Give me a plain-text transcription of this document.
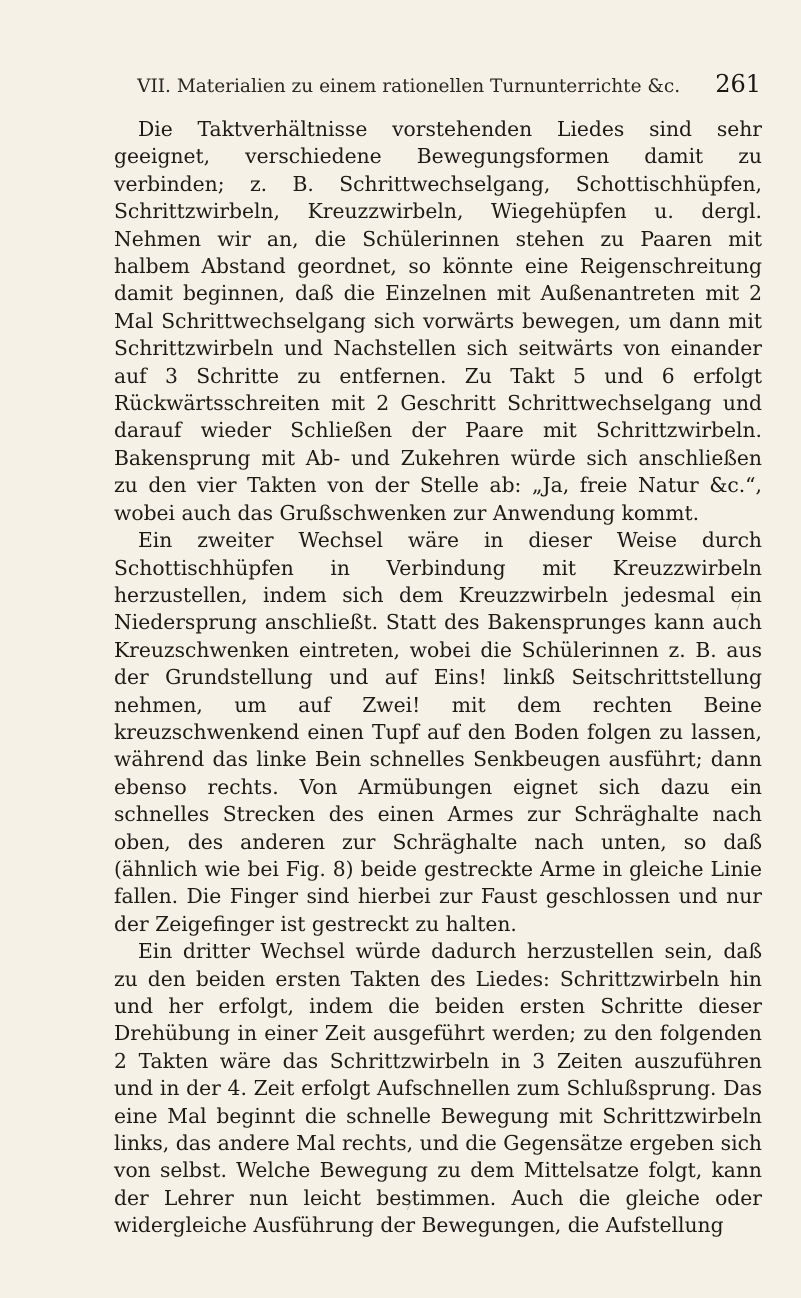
VII. Materialien zu einem rationellen Turnunterrichte &c.	261

Die Taktverhältnisse vorstehenden Liedes sind sehr geeignet, verschiedene Bewegungsformen damit zu verbinden; z. B. Schrittwechselgang, Schottischhüpfen, Schrittzwirbeln, Kreuzzwirbeln, Wiegehüpfen u. dergl. Nehmen wir an, die Schülerinnen stehen zu Paaren mit halbem Abstand geordnet, so könnte eine Reigenschreitung damit beginnen, daß die Einzelnen mit Außenantreten mit 2 Mal Schrittwechselgang sich vorwärts bewegen, um dann mit Schrittzwirbeln und Nachstellen sich seitwärts von einander auf 3 Schritte zu entfernen. Zu Takt 5 und 6 erfolgt Rückwärtsschreiten mit 2 Geschritt Schrittwechselgang und darauf wieder Schließen der Paare mit Schrittzwirbeln. Bakensprung mit Ab- und Zukehren würde sich anschließen zu den vier Takten von der Stelle ab: „Ja, freie Natur &c.“, wobei auch das Grußschwenken zur Anwendung kommt.

Ein zweiter Wechsel wäre in dieser Weise durch Schottischhüpfen in Verbindung mit Kreuzzwirbeln herzustellen, indem sich dem Kreuzzwirbeln jedesmal ein Niedersprung anschließt. Statt des Bakensprunges kann auch Kreuzschwenken eintreten, wobei die Schülerinnen z. B. aus der Grundstellung und auf Eins! linkß Seitschrittstellung nehmen, um auf Zwei! mit dem rechten Beine kreuzschwenkend einen Tupf auf den Boden folgen zu lassen, während das linke Bein schnelles Senkbeugen ausführt; dann ebenso rechts. Von Armübungen eignet sich dazu ein schnelles Strecken des einen Armes zur Schräghalte nach oben, des anderen zur Schräghalte nach unten, so daß (ähnlich wie bei Fig. 8) beide gestreckte Arme in gleiche Linie fallen. Die Finger sind hierbei zur Faust geschlossen und nur der Zeigefinger ist gestreckt zu halten.

Ein dritter Wechsel würde dadurch herzustellen sein, daß zu den beiden ersten Takten des Liedes: Schrittzwirbeln hin und her erfolgt, indem die beiden ersten Schritte dieser Drehübung in einer Zeit ausgeführt werden; zu den folgenden 2 Takten wäre das Schrittzwirbeln in 3 Zeiten auszuführen und in der 4. Zeit erfolgt Aufschnellen zum Schlußsprung. Das eine Mal beginnt die schnelle Bewegung mit Schrittzwirbeln links, das andere Mal rechts, und die Gegensätze ergeben sich von selbst. Welche Bewegung zu dem Mittelsatze folgt, kann der Lehrer nun leicht bestimmen. Auch die gleiche oder widergleiche Ausführung der Bewegungen, die Aufstellung
